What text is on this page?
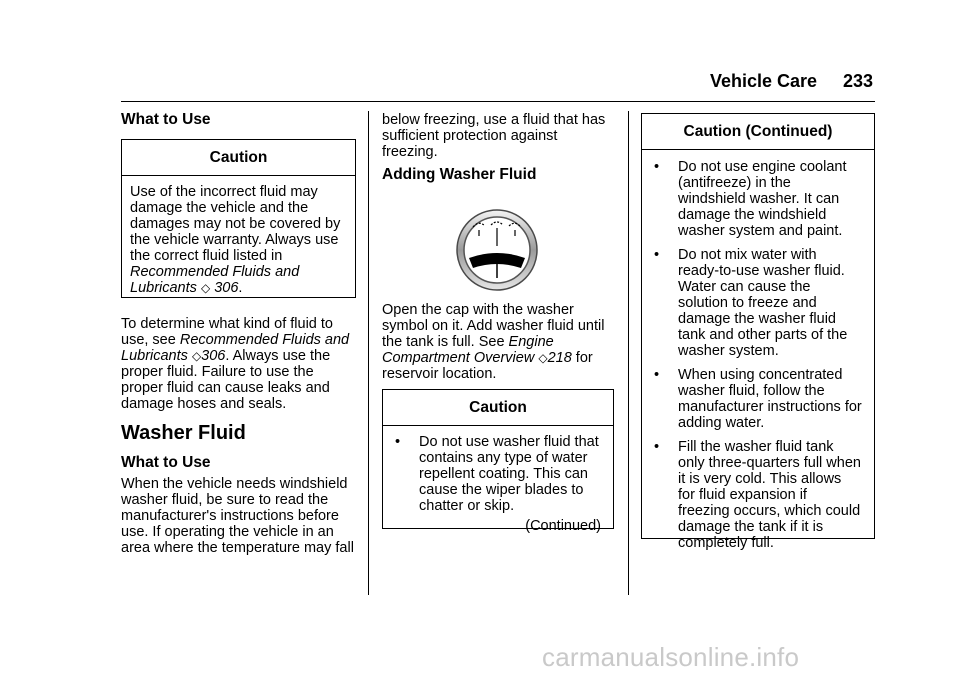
Vehicle Care 233
What to Use
Caution

Use of the incorrect fluid may

damage the vehicle and the

damages may not be covered by

the vehicle warranty. Always use

the correct fluid listed in

Recommended Fluids and

Lubricants ◇ 306.

To determine what kind of fluid to

use, see Recommended Fluids and

Lubricants ◇306. Always use the

proper fluid. Failure to use the

proper fluid can cause leaks and

damage hoses and seals.

Washer Fluid
What to Use

When the vehicle needs windshield

washer fluid, be sure to read the

manufacturer's instructions before

use. If operating the vehicle in an

area where the temperature may fall

below freezing, use a fluid that has

sufficient protection against

freezing.

Adding Washer Fluid

Open the cap with the washer

symbol on it. Add washer fluid until

the tank is full. See Engine

Compartment Overview ◇218 for

reservoir location.

Caution
• Do not use washer fluid that

contains any type of water

repellent coating. This can

cause the wiper blades to

chatter or skip.

(Continued)
Caution (Continued)
• Do not use engine coolant

(antifreeze) in the

windshield washer. It can

damage the windshield

washer system and paint.

• Do not mix water with

ready-to-use washer fluid.

Water can cause the

solution to freeze and

damage the washer fluid

tank and other parts of the

washer system.

• When using concentrated

washer fluid, follow the

manufacturer instructions for

adding water.

• Fill the washer fluid tank

only three-quarters full when

it is very cold. This allows

for fluid expansion if

freezing occurs, which could

damage the tank if it is

completely full.

carmanualsonline.info
